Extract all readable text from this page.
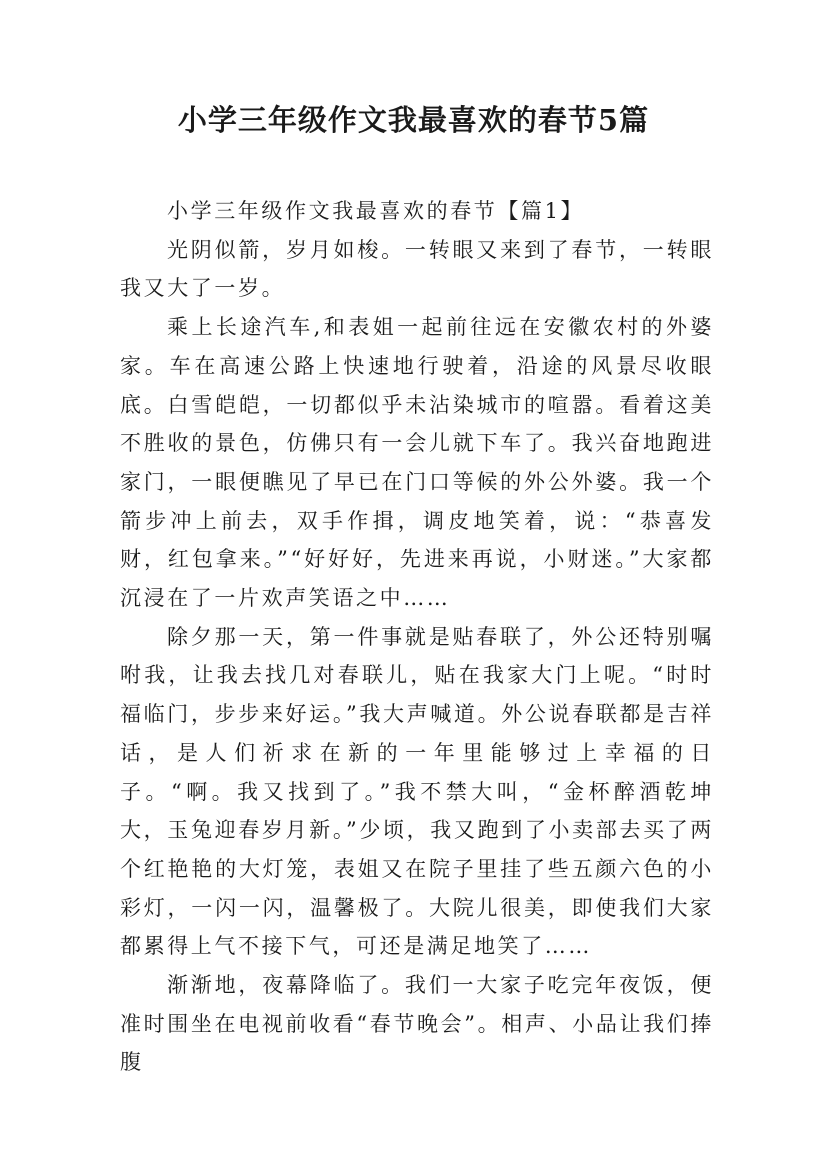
小学三年级作文我最喜欢的春节5篇

小学三年级作文我最喜欢的春节【篇1】

光阴似箭，岁月如梭。一转眼又来到了春节，一转眼我又大了一岁。

乘上长途汽车,和表姐一起前往远在安徽农村的外婆家。车在高速公路上快速地行驶着，沿途的风景尽收眼底。白雪皑皑，一切都似乎未沾染城市的喧嚣。看着这美不胜收的景色，仿佛只有一会儿就下车了。我兴奋地跑进家门，一眼便瞧见了早已在门口等候的外公外婆。我一个箭步冲上前去，双手作揖，调皮地笑着，说：“恭喜发财，红包拿来。”“好好好，先进来再说，小财迷。”大家都沉浸在了一片欢声笑语之中……

除夕那一天，第一件事就是贴春联了，外公还特别嘱咐我，让我去找几对春联儿，贴在我家大门上呢。“时时福临门，步步来好运。”我大声喊道。外公说春联都是吉祥话，是人们祈求在新的一年里能够过上幸福的日子。“啊。我又找到了。”我不禁大叫，“金杯醉酒乾坤大，玉兔迎春岁月新。”少顷，我又跑到了小卖部去买了两个红艳艳的大灯笼，表姐又在院子里挂了些五颜六色的小彩灯，一闪一闪，温馨极了。大院儿很美，即使我们大家都累得上气不接下气，可还是满足地笑了……

渐渐地，夜幕降临了。我们一大家子吃完年夜饭，便准时围坐在电视前收看“春节晚会”。相声、小品让我们捧腹
